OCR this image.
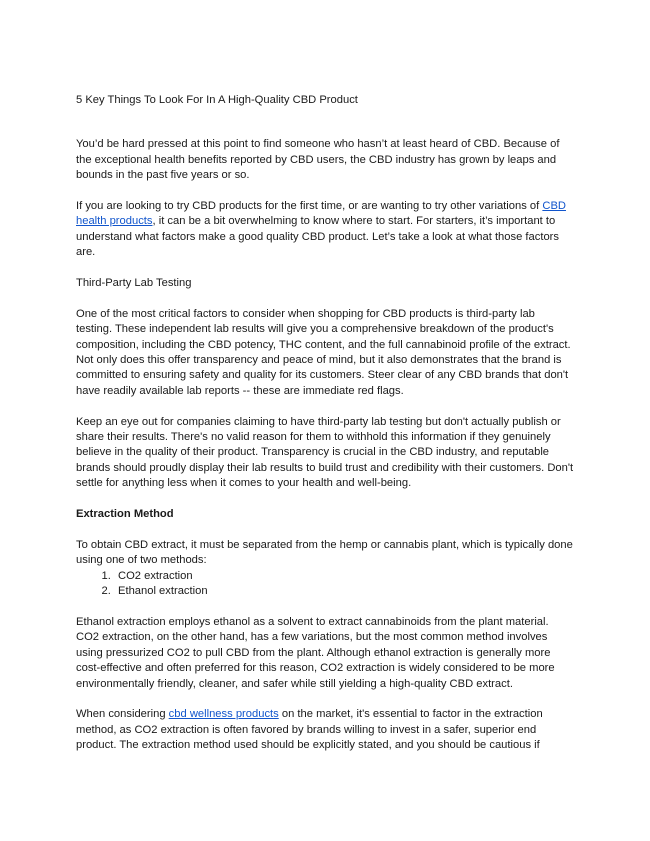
5 Key Things To Look For In A High-Quality CBD Product

You’d be hard pressed at this point to find someone who hasn’t at least heard of CBD. Because of the exceptional health benefits reported by CBD users, the CBD industry has grown by leaps and bounds in the past five years or so.

If you are looking to try CBD products for the first time, or are wanting to try other variations of CBD health products, it can be a bit overwhelming to know where to start. For starters, it’s important to understand what factors make a good quality CBD product. Let’s take a look at what those factors are.

Third-Party Lab Testing

One of the most critical factors to consider when shopping for CBD products is third-party lab testing. These independent lab results will give you a comprehensive breakdown of the product's composition, including the CBD potency, THC content, and the full cannabinoid profile of the extract. Not only does this offer transparency and peace of mind, but it also demonstrates that the brand is committed to ensuring safety and quality for its customers. Steer clear of any CBD brands that don't have readily available lab reports -- these are immediate red flags.

Keep an eye out for companies claiming to have third-party lab testing but don't actually publish or share their results. There's no valid reason for them to withhold this information if they genuinely believe in the quality of their product. Transparency is crucial in the CBD industry, and reputable brands should proudly display their lab results to build trust and credibility with their customers. Don't settle for anything less when it comes to your health and well-being.

Extraction Method

To obtain CBD extract, it must be separated from the hemp or cannabis plant, which is typically done using one of two methods:

1. CO2 extraction
2. Ethanol extraction

Ethanol extraction employs ethanol as a solvent to extract cannabinoids from the plant material. CO2 extraction, on the other hand, has a few variations, but the most common method involves using pressurized CO2 to pull CBD from the plant. Although ethanol extraction is generally more cost-effective and often preferred for this reason, CO2 extraction is widely considered to be more environmentally friendly, cleaner, and safer while still yielding a high-quality CBD extract.

When considering cbd wellness products on the market, it's essential to factor in the extraction method, as CO2 extraction is often favored by brands willing to invest in a safer, superior end product. The extraction method used should be explicitly stated, and you should be cautious if
